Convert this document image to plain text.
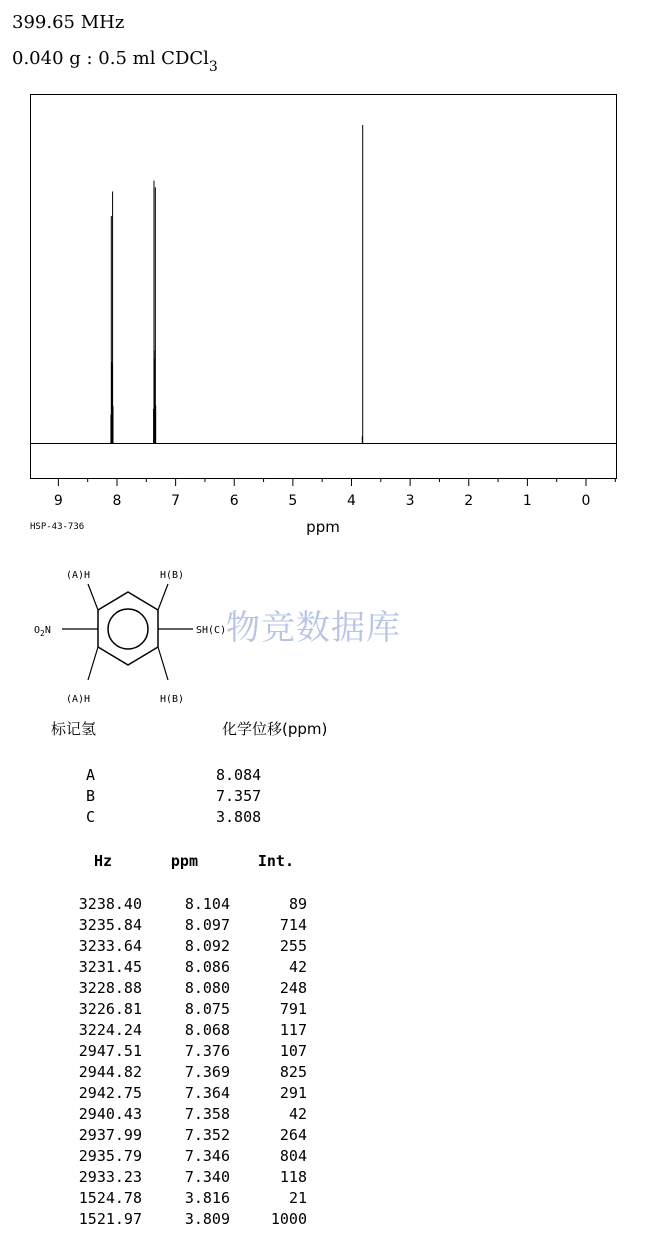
399.65 MHz
0.040 g : 0.5 ml CDCl$_3$
9	8	7	6	5	4	3	2	1	0
ppm
HSP-43-736
(A)H	H(B)
$O_2N$	SH(C)
(A)H	H(B)
物竞数据库
标记氢	化学位移(ppm)
A	8.084
B	7.357
C	3.808
Hz	ppm	Int.
3238.40	8.104	89
3235.84	8.097	714
3233.64	8.092	255
3231.45	8.086	42
3228.88	8.080	248
3226.81	8.075	791
3224.24	8.068	117
2947.51	7.376	107
2944.82	7.369	825
2942.75	7.364	291
2940.43	7.358	42
2937.99	7.352	264
2935.79	7.346	804
2933.23	7.340	118
1524.78	3.816	21
1521.97	3.809	1000
